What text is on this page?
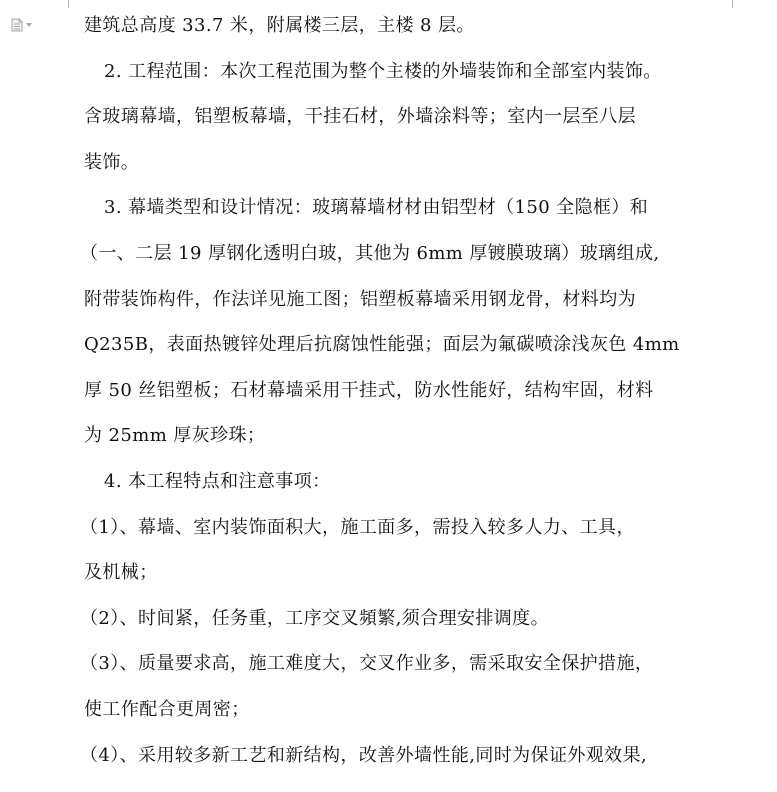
建筑总高度 33.7 米，附属楼三层，主楼 8 层。
2. 工程范围：本次工程范围为整个主楼的外墙装饰和全部室内装饰。
含玻璃幕墙，铝塑板幕墙，干挂石材，外墙涂料等；室内一层至八层
装饰。
3. 幕墙类型和设计情况：玻璃幕墙材材由铝型材（150 全隐框）和
（一、二层 19 厚钢化透明白玻，其他为 6mm 厚镀膜玻璃）玻璃组成,
附带装饰构件，作法详见施工图；铝塑板幕墙采用钢龙骨，材料均为
Q235B，表面热镀锌处理后抗腐蚀性能强；面层为氟碳喷涂浅灰色 4mm
厚 50 丝铝塑板；石材幕墙采用干挂式，防水性能好，结构牢固，材料
为 25mm 厚灰珍珠；
4. 本工程特点和注意事项：
（1）、幕墙、室内装饰面积大，施工面多，需投入较多人力、工具，
及机械；
（2）、时间紧，任务重，工序交叉頻繁,须合理安排调度。
（3）、质量要求高，施工难度大，交叉作业多，需采取安全保护措施，
使工作配合更周密；
（4）、采用较多新工艺和新结构，改善外墙性能,同时为保证外观效果,
